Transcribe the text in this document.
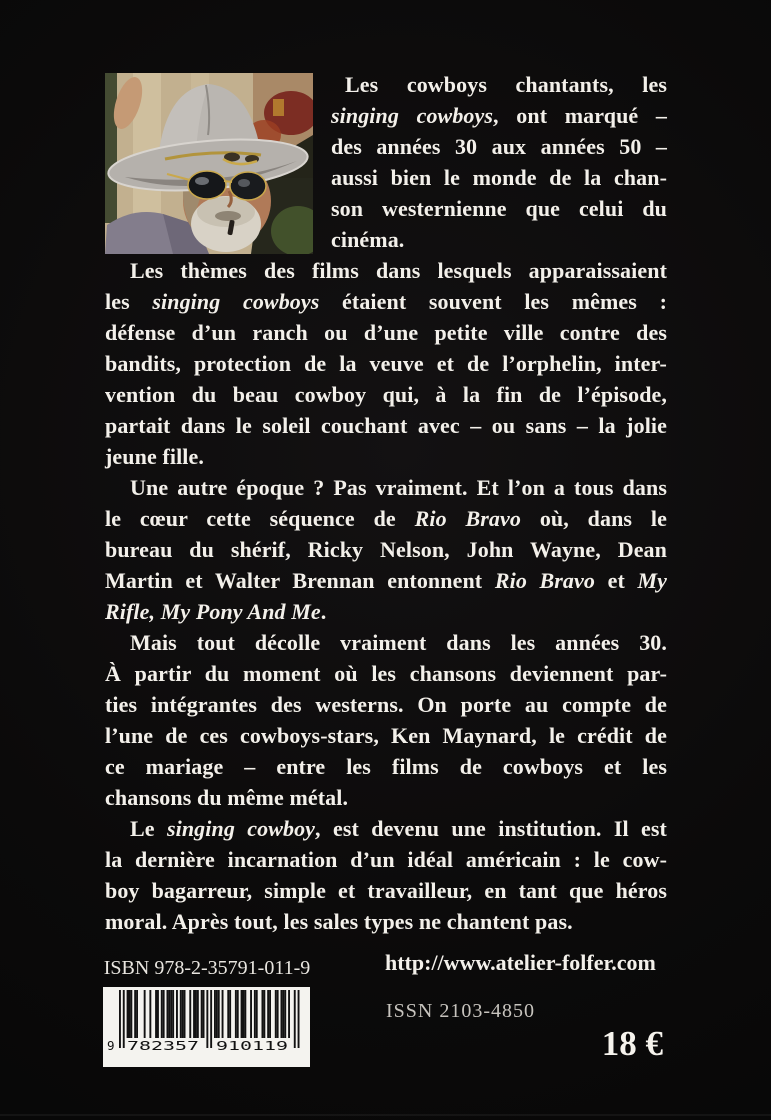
Les cowboys chantants, les
singing cowboys, ont marqué –
des années 30 aux années 50 –
aussi bien le monde de la chan-
son westernienne que celui du
cinéma.
Les thèmes des films dans lesquels apparaissaient
les singing cowboys étaient souvent les mêmes :
défense d’un ranch ou d’une petite ville contre des
bandits, protection de la veuve et de l’orphelin, inter-
vention du beau cowboy qui, à la fin de l’épisode,
partait dans le soleil couchant avec – ou sans – la jolie
jeune fille.
Une autre époque ? Pas vraiment. Et l’on a tous dans
le cœur cette séquence de Rio Bravo où, dans le
bureau du shérif, Ricky Nelson, John Wayne, Dean
Martin et Walter Brennan entonnent Rio Bravo et My
Rifle, My Pony And Me.
Mais tout décolle vraiment dans les années 30.
À partir du moment où les chansons deviennent par-
ties intégrantes des westerns. On porte au compte de
l’une de ces cowboys-stars, Ken Maynard, le crédit de
ce mariage – entre les films de cowboys et les
chansons du même métal.
Le singing cowboy, est devenu une institution. Il est
la dernière incarnation d’un idéal américain : le cow-
boy bagarreur, simple et travailleur, en tant que héros
moral. Après tout, les sales types ne chantent pas.
ISBN 978-2-35791-011-9
9 782357 910119
http://www.atelier-folfer.com
ISSN 2103-4850
18 €
